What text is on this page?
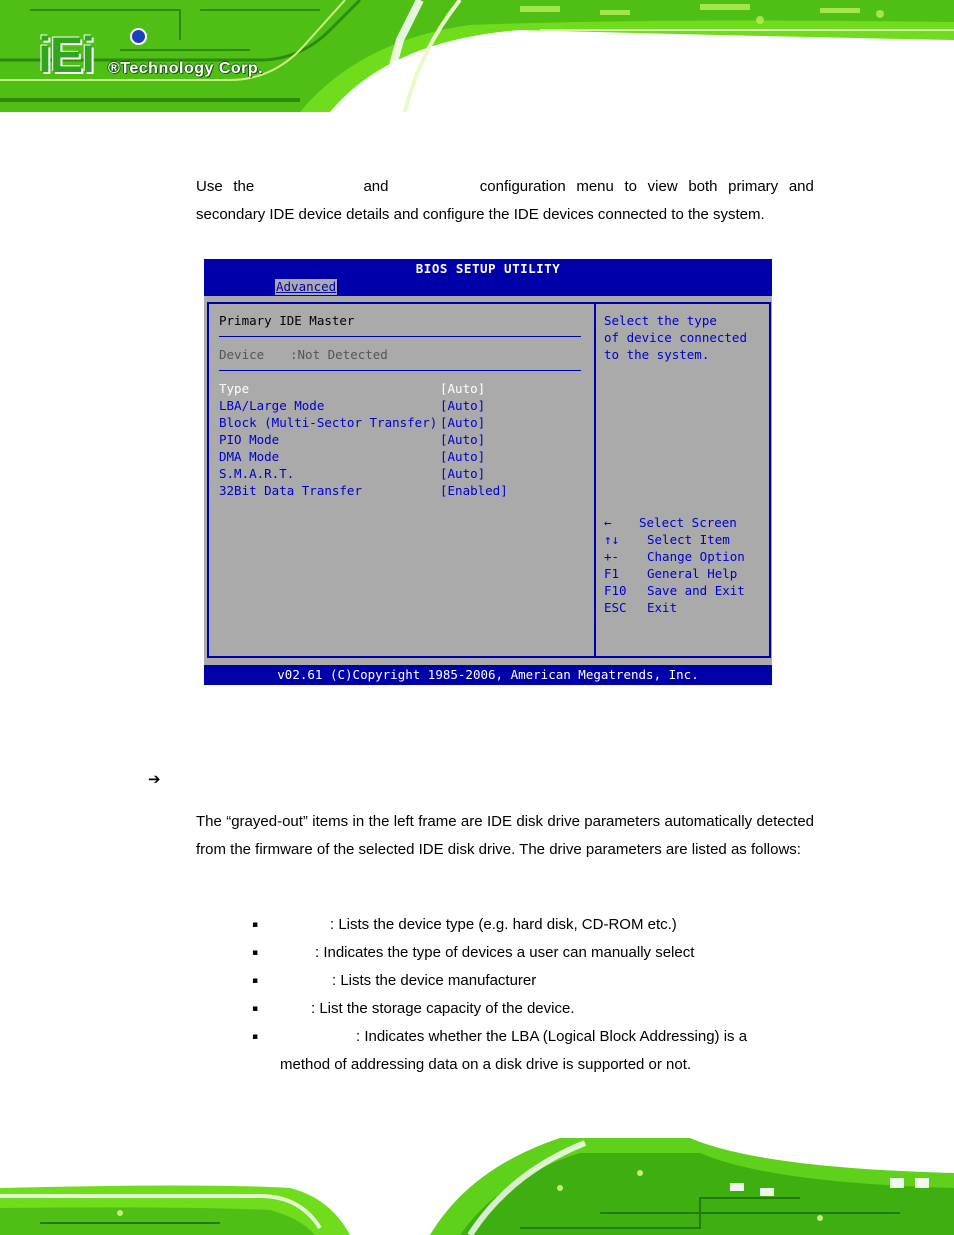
iEi ®Technology Corp.
Use the	and	configuration menu to view both primary and
secondary IDE device details and configure the IDE devices connected to the system.
BIOS SETUP UTILITY
Advanced
Primary IDE Master
Device :Not Detected
Type	[Auto]
LBA/Large Mode	[Auto]
Block (Multi-Sector Transfer) [Auto]
PIO Mode	[Auto]
DMA Mode	[Auto]
S.M.A.R.T.	[Auto]
32Bit Data Transfer	[Enabled]
Select the type
of device connected
to the system.
← Select Screen
↑↓ Select Item
+- Change Option
F1 General Help
F10 Save and Exit
ESC Exit
v02.61 (C)Copyright 1985-2006, American Megatrends, Inc.
➔
The “grayed-out” items in the left frame are IDE disk drive parameters automatically detected from the firmware of the selected IDE disk drive. The drive parameters are listed as follows:
▪	: Lists the device type (e.g. hard disk, CD-ROM etc.)
▪	: Indicates the type of devices a user can manually select
▪	: Lists the device manufacturer
▪	: List the storage capacity of the device.
▪	: Indicates whether the LBA (Logical Block Addressing) is a
method of addressing data on a disk drive is supported or not.
